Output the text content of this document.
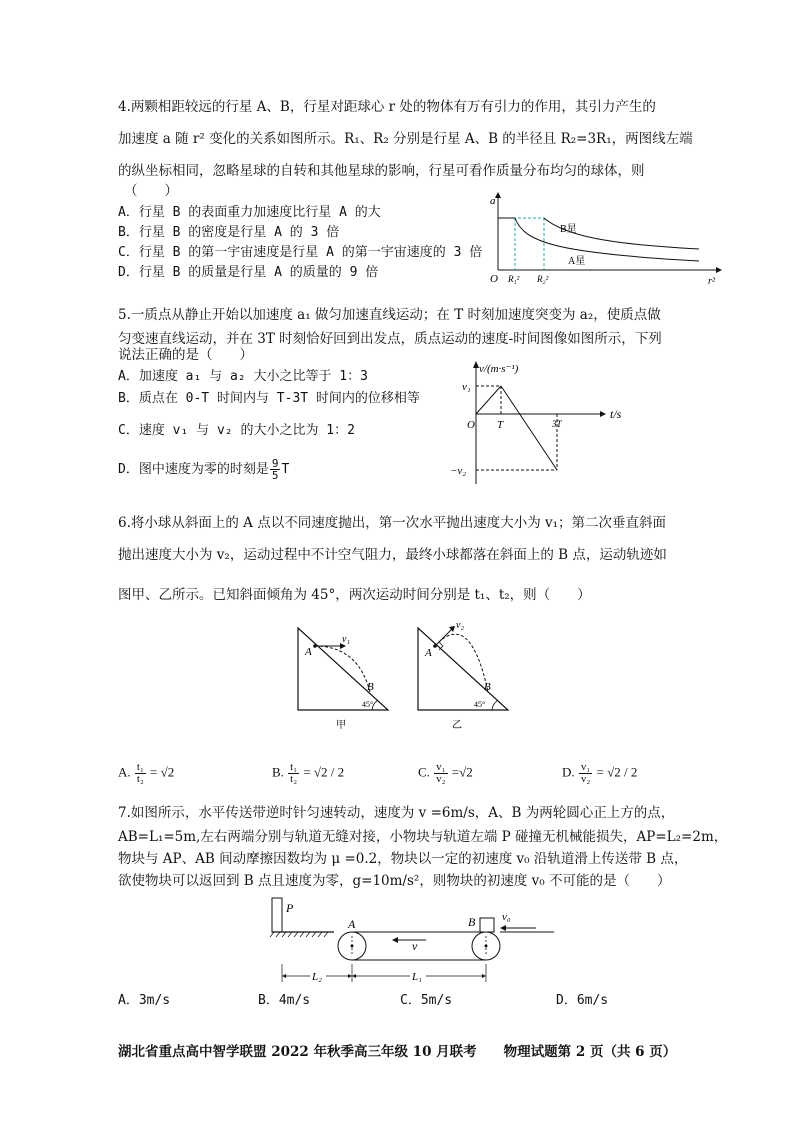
4.两颗相距较远的行星 A、B，行星对距球心 r 处的物体有万有引力的作用，其引力产生的
加速度 a 随 r² 变化的关系如图所示。R₁、R₂ 分别是行星 A、B 的半径且 R₂=3R₁，两图线左端
的纵坐标相同，忽略星球的自转和其他星球的影响，行星可看作质量分布均匀的球体，则
（　　）
A．行星 B 的表面重力加速度比行星 A 的大
B．行星 B 的密度是行星 A 的 3 倍
C．行星 B 的第一宇宙速度是行星 A 的第一宇宙速度的 3 倍
D．行星 B 的质量是行星 A 的质量的 9 倍
a
r²
O
B星
A星
R₁² R₂²
5.一质点从静止开始以加速度 a₁ 做匀加速直线运动；在 T 时刻加速度突变为 a₂，使质点做
匀变速直线运动，并在 3T 时刻恰好回到出发点，质点运动的速度-时间图像如图所示，下列
说法正确的是（　　）
A．加速度 a₁ 与 a₂ 大小之比等于 1：3
B．质点在 0-T 时间内与 T-3T 时间内的位移相等
C．速度 v₁ 与 v₂ 的大小之比为 1：2
D．图中速度为零的时刻是 $\frac{9}{5}$ T
v/(m·s⁻¹)
t/s
O
v₁
−v₂
T	3T
6.将小球从斜面上的 A 点以不同速度抛出，第一次水平抛出速度大小为 v₁；第二次垂直斜面
抛出速度大小为 v₂，运动过程中不计空气阻力，最终小球都落在斜面上的 B 点，运动轨迹如
图甲、乙所示。已知斜面倾角为 45°，两次运动时间分别是 t₁、t₂，则（　　）
v₁
A
B
45°
甲
v₂
A
B
45°
乙
A. $\frac{\text{t₁}}{\text{t₂}} = √2$	B. $\frac{\text{t₁}}{\text{t₂}} = √2 / 2$	C. $\frac{\text{v₁}}{\text{v₂}} =√2$	D. $\frac{\text{v₁}}{\text{v₂}} = √2 / 2$
7.如图所示，水平传送带逆时针匀速转动，速度为 v =6m/s，A、B 为两轮圆心正上方的点，
AB=L₁=5m,左右两端分别与轨道无缝对接，小物块与轨道左端 P 碰撞无机械能损失，AP=L₂=2m，
物块与 AP、AB 间动摩擦因数均为 μ =0.2，物块以一定的初速度 v₀ 沿轨道滑上传送带 B 点，
欲使物块可以返回到 B 点且速度为零，g=10m/s²，则物块的初速度 v₀ 不可能的是（　　）
P
A	B v₀
v
L₂	L₁
A．3m/s	B．4m/s	C．5m/s	D．6m/s
湖北省重点高中智学联盟 2022 年秋季高三年级 10 月联考　　物理试题第 2 页（共 6 页）
